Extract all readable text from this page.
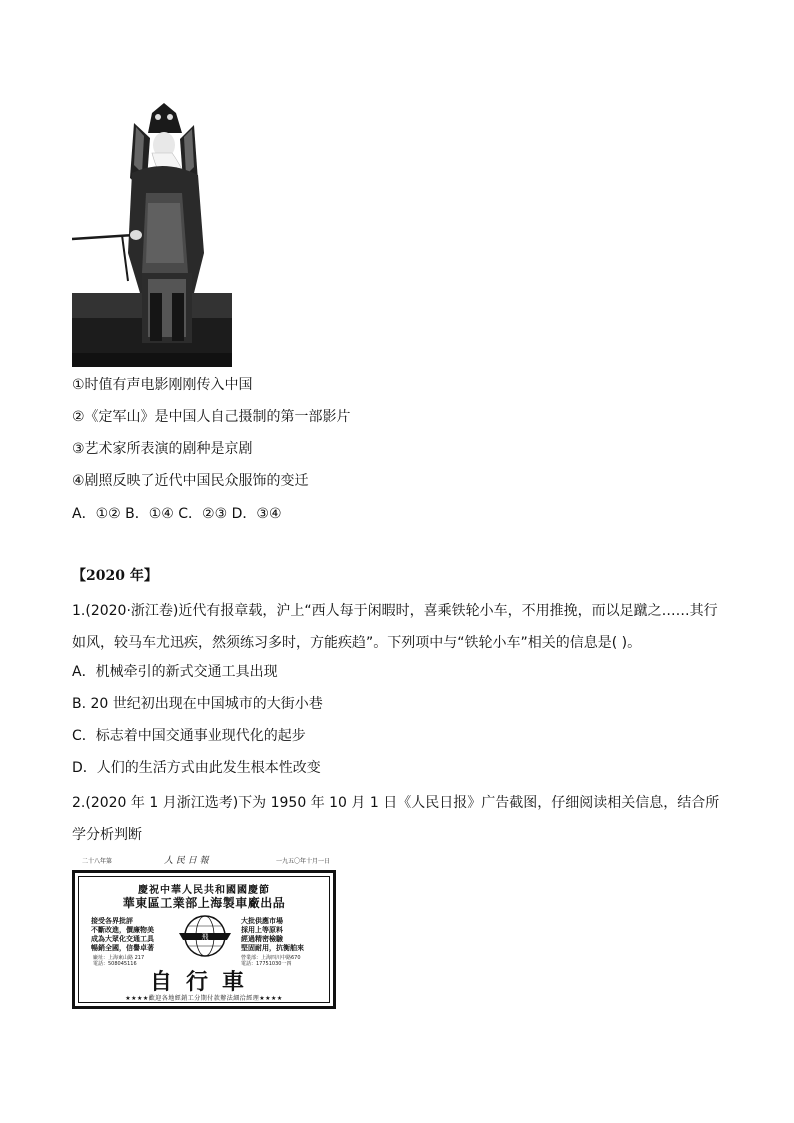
①时值有声电影刚刚传入中国
②《定军山》是中国人自己摄制的第一部影片
③艺术家所表演的剧种是京剧
④剧照反映了近代中国民众服饰的变迁
A．①② B．①④ C．②③ D．③④
【2020 年】
1.(2020·浙江卷)近代有报章载，沪上“西人每于闲暇时，喜乘铁轮小车，不用推挽，而以足蹴之……其行如风，较马车尤迅疾，然须练习多时，方能疾趋”。下列项中与“铁轮小车”相关的信息是( )。
A．机械牵引的新式交通工具出现
B. 20 世纪初出现在中国城市的大街小巷
C．标志着中国交通事业现代化的起步
D．人们的生活方式由此发生根本性改变
2.(2020 年 1 月浙江选考)下为 1950 年 10 月 1 日《人民日报》广告截图，仔细阅读相关信息，结合所学分析判断
二十八年第	人 民 日 報	一九五〇年十月一日
慶祝中華人民共和國國慶節
華東區工業部上海製車廠出品
接受各界批評
不斷改進，價廉物美
成為大眾化交通工具
暢銷全國，信譽卓著
大批供應市場
採用上等原料
經過精密檢驗
堅固耐用，抗衡舶來
廠址：上海東山路 217
電話：508045116
營業部：上海四川中路670
電話：17751030一四
飛
自行車
★★★★歡迎各地經銷工分期付款辦法細洽經理★★★★
